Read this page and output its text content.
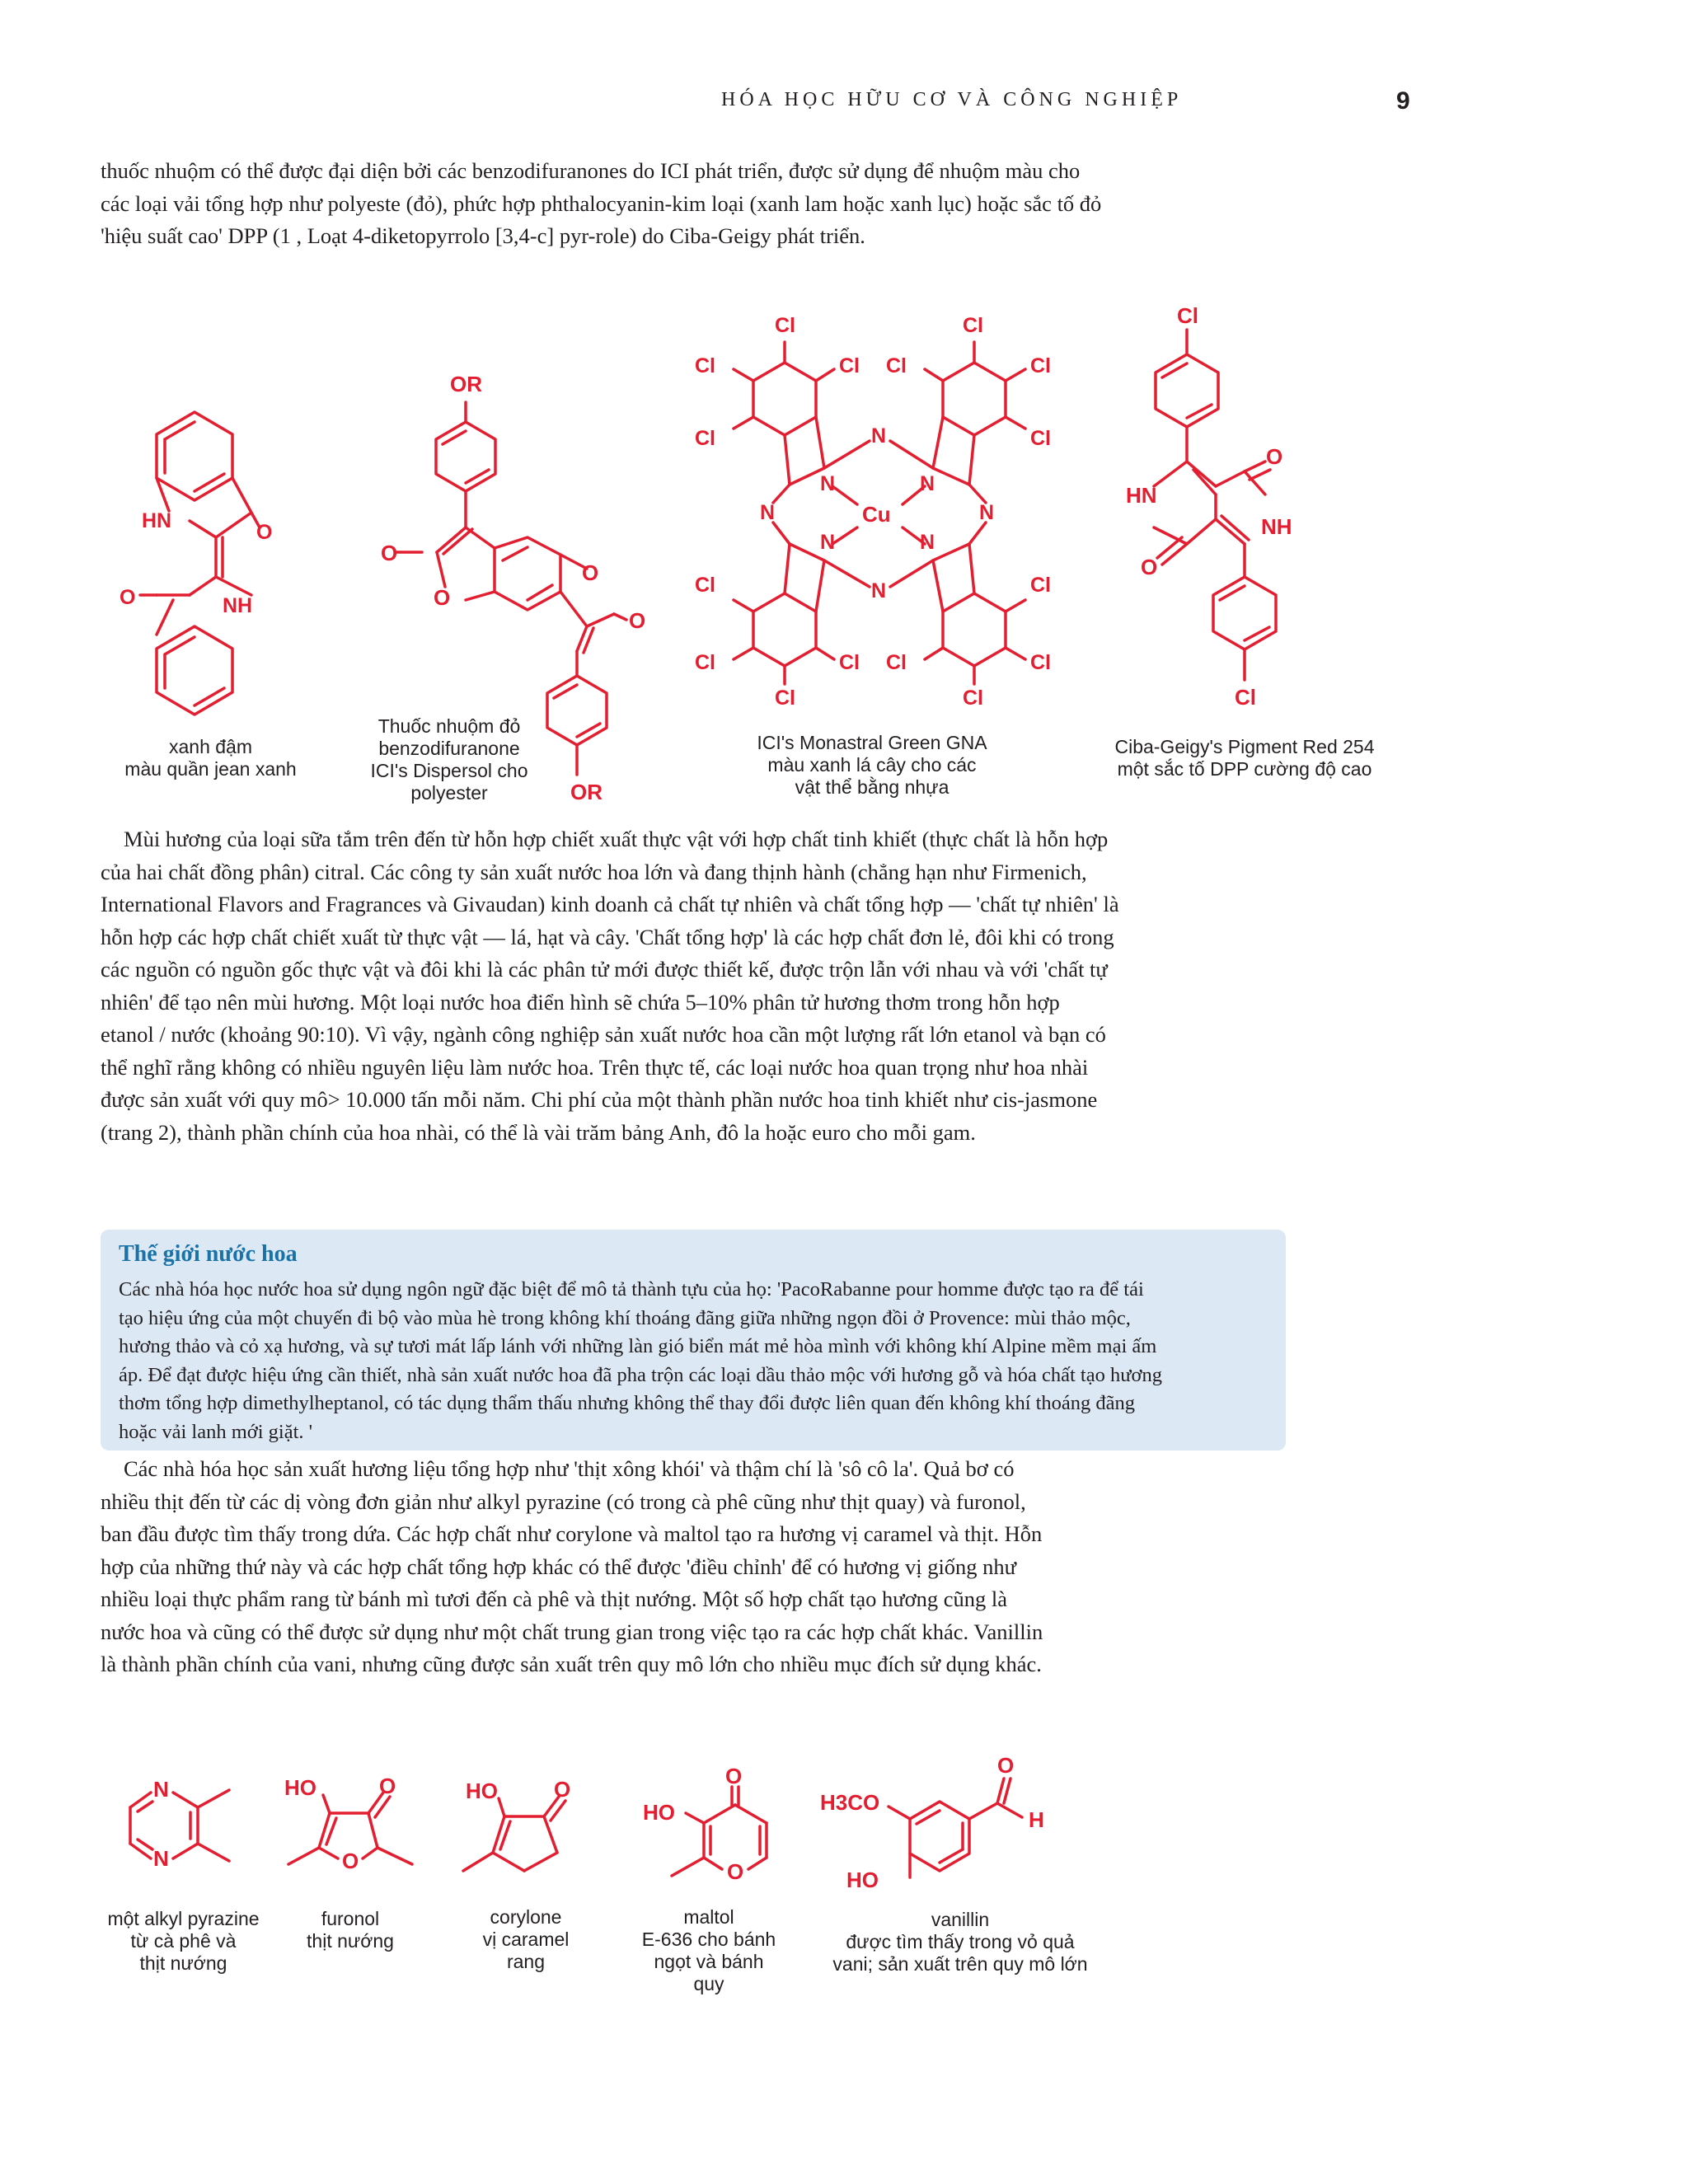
HÓA HỌC HỮU CƠ VÀ CÔNG NGHIỆP	9

thuốc nhuộm có thể được đại diện bởi các benzodifuranones do ICI phát triển, được sử dụng để nhuộm màu cho

các loại vải tổng hợp như polyeste (đỏ), phức hợp phthalocyanin-kim loại (xanh lam hoặc xanh lục) hoặc sắc tố đỏ

'hiệu suất cao' DPP (1 , Loạt 4-diketopyrrolo [3,4-c] pyr-role) do Ciba-Geigy phát triển.

HN	O
O	NH
OR
O
O
O
O
OR
Cl	Cl
Cl	Cl Cl	Cl
Cl	Cl
Cl	Cl
Cl	Cl Cl	Cl
Cl	Cl
N
N
N	N
N	N
N	N
Cu
Cl
HN
NH
O
O
Cl
xanh đậm
màu quần jean xanh
Thuốc nhuộm đỏ
benzodifuranone
ICI's Dispersol cho
polyester
ICI's Monastral Green GNA
màu xanh lá cây cho các
vật thể bằng nhựa
Ciba-Geigy's Pigment Red 254
một sắc tố DPP cường độ cao

Mùi hương của loại sữa tắm trên đến từ hỗn hợp chiết xuất thực vật với hợp chất tinh khiết (thực chất là hỗn hợp

của hai chất đồng phân) citral. Các công ty sản xuất nước hoa lớn và đang thịnh hành (chẳng hạn như Firmenich,

International Flavors and Fragrances và Givaudan) kinh doanh cả chất tự nhiên và chất tổng hợp — 'chất tự nhiên' là

hỗn hợp các hợp chất chiết xuất từ thực vật — lá, hạt và cây. 'Chất tổng hợp' là các hợp chất đơn lẻ, đôi khi có trong

các nguồn có nguồn gốc thực vật và đôi khi là các phân tử mới được thiết kế, được trộn lẫn với nhau và với 'chất tự

nhiên' để tạo nên mùi hương. Một loại nước hoa điển hình sẽ chứa 5–10% phân tử hương thơm trong hỗn hợp

etanol / nước (khoảng 90:10). Vì vậy, ngành công nghiệp sản xuất nước hoa cần một lượng rất lớn etanol và bạn có

thể nghĩ rằng không có nhiều nguyên liệu làm nước hoa. Trên thực tế, các loại nước hoa quan trọng như hoa nhài

được sản xuất với quy mô> 10.000 tấn mỗi năm. Chi phí của một thành phần nước hoa tinh khiết như cis-jasmone

(trang 2), thành phần chính của hoa nhài, có thể là vài trăm bảng Anh, đô la hoặc euro cho mỗi gam.

Thế giới nước hoa
Các nhà hóa học nước hoa sử dụng ngôn ngữ đặc biệt để mô tả thành tựu của họ: 'PacoRabanne pour homme được tạo ra để tái
tạo hiệu ứng của một chuyến đi bộ vào mùa hè trong không khí thoáng đãng giữa những ngọn đồi ở Provence: mùi thảo mộc,
hương thảo và cỏ xạ hương, và sự tươi mát lấp lánh với những làn gió biển mát mẻ hòa mình với không khí Alpine mềm mại ấm
áp. Để đạt được hiệu ứng cần thiết, nhà sản xuất nước hoa đã pha trộn các loại dầu thảo mộc với hương gỗ và hóa chất tạo hương
thơm tổng hợp dimethylheptanol, có tác dụng thẩm thấu nhưng không thể thay đổi được liên quan đến không khí thoáng đãng
hoặc vải lanh mới giặt. '

Các nhà hóa học sản xuất hương liệu tổng hợp như 'thịt xông khói' và thậm chí là 'sô cô la'. Quả bơ có

nhiều thịt đến từ các dị vòng đơn giản như alkyl pyrazine (có trong cà phê cũng như thịt quay) và furonol,

ban đầu được tìm thấy trong dứa. Các hợp chất như corylone và maltol tạo ra hương vị caramel và thịt. Hỗn

hợp của những thứ này và các hợp chất tổng hợp khác có thể được 'điều chỉnh' để có hương vị giống như

nhiều loại thực phẩm rang từ bánh mì tươi đến cà phê và thịt nướng. Một số hợp chất tạo hương cũng là

nước hoa và cũng có thể được sử dụng như một chất trung gian trong việc tạo ra các hợp chất khác. Vanillin

là thành phần chính của vani, nhưng cũng được sản xuất trên quy mô lớn cho nhiều mục đích sử dụng khác.

N
N
HO	O
O
HO	O
O
HO
O
H3CO
HO
O
H
một alkyl pyrazine
từ cà phê và
thịt nướng
furonol
thịt nướng
corylone
vị caramel
rang
maltol
E-636 cho bánh
ngọt và bánh
quy
vanillin
được tìm thấy trong vỏ quả
vani; sản xuất trên quy mô lớn
